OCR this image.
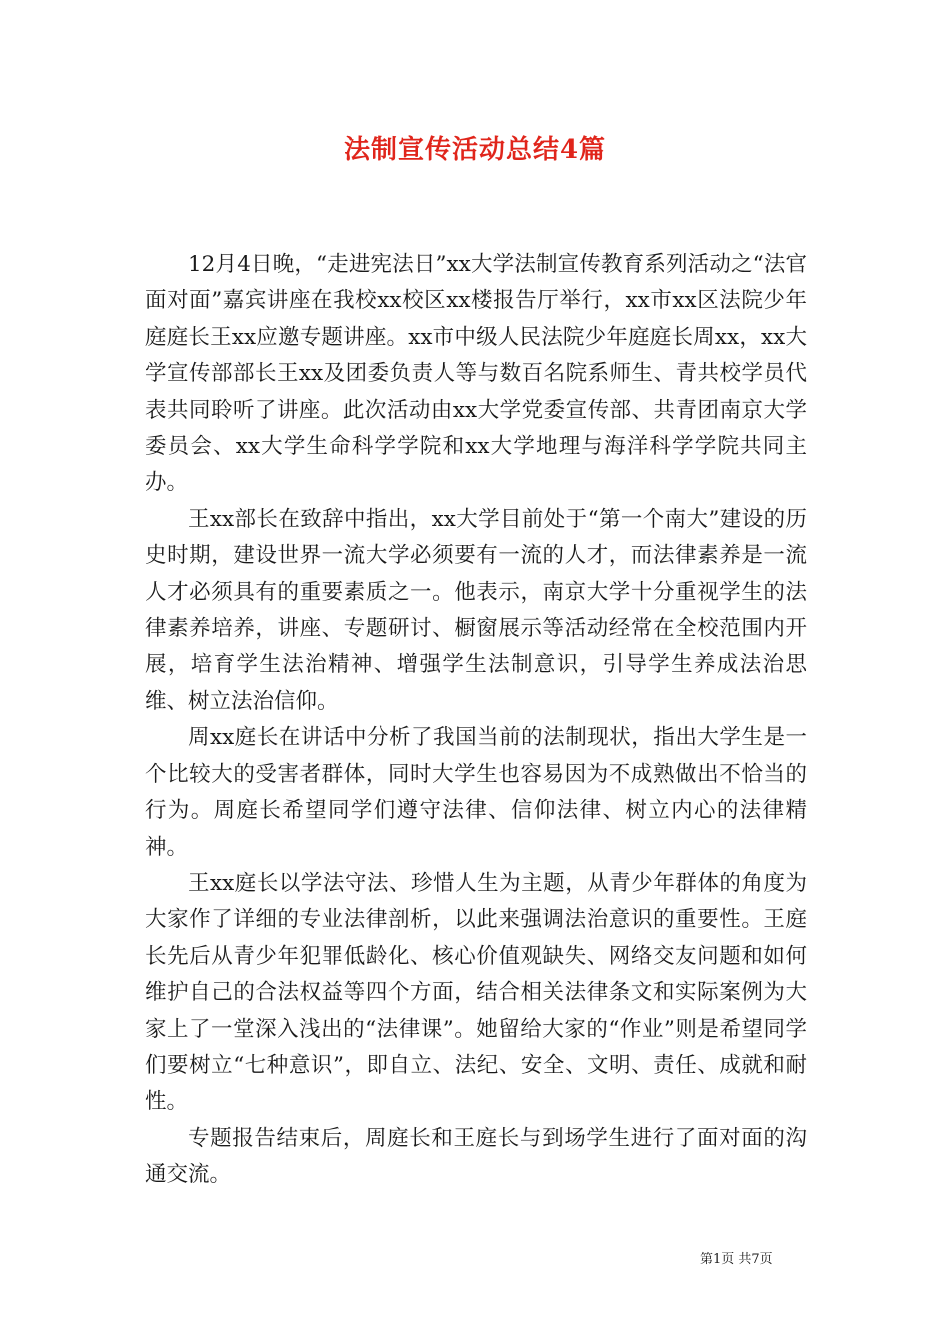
法制宣传活动总结4篇

12月4日晚，“走进宪法日”xx大学法制宣传教育系列活动之“法官面对面”嘉宾讲座在我校xx校区xx楼报告厅举行，xx市xx区法院少年庭庭长王xx应邀专题讲座。xx市中级人民法院少年庭庭长周xx，xx大学宣传部部长王xx及团委负责人等与数百名院系师生、青共校学员代表共同聆听了讲座。此次活动由xx大学党委宣传部、共青团南京大学委员会、xx大学生命科学学院和xx大学地理与海洋科学学院共同主办。

王xx部长在致辞中指出，xx大学目前处于“第一个南大”建设的历史时期，建设世界一流大学必须要有一流的人才，而法律素养是一流人才必须具有的重要素质之一。他表示，南京大学十分重视学生的法律素养培养，讲座、专题研讨、橱窗展示等活动经常在全校范围内开展，培育学生法治精神、增强学生法制意识，引导学生养成法治思维、树立法治信仰。

周xx庭长在讲话中分析了我国当前的法制现状，指出大学生是一个比较大的受害者群体，同时大学生也容易因为不成熟做出不恰当的行为。周庭长希望同学们遵守法律、信仰法律、树立内心的法律精神。

王xx庭长以学法守法、珍惜人生为主题，从青少年群体的角度为大家作了详细的专业法律剖析，以此来强调法治意识的重要性。王庭长先后从青少年犯罪低龄化、核心价值观缺失、网络交友问题和如何维护自己的合法权益等四个方面，结合相关法律条文和实际案例为大家上了一堂深入浅出的“法律课”。她留给大家的“作业”则是希望同学们要树立“七种意识”，即自立、法纪、安全、文明、责任、成就和耐性。

专题报告结束后，周庭长和王庭长与到场学生进行了面对面的沟通交流。

第1页 共7页
